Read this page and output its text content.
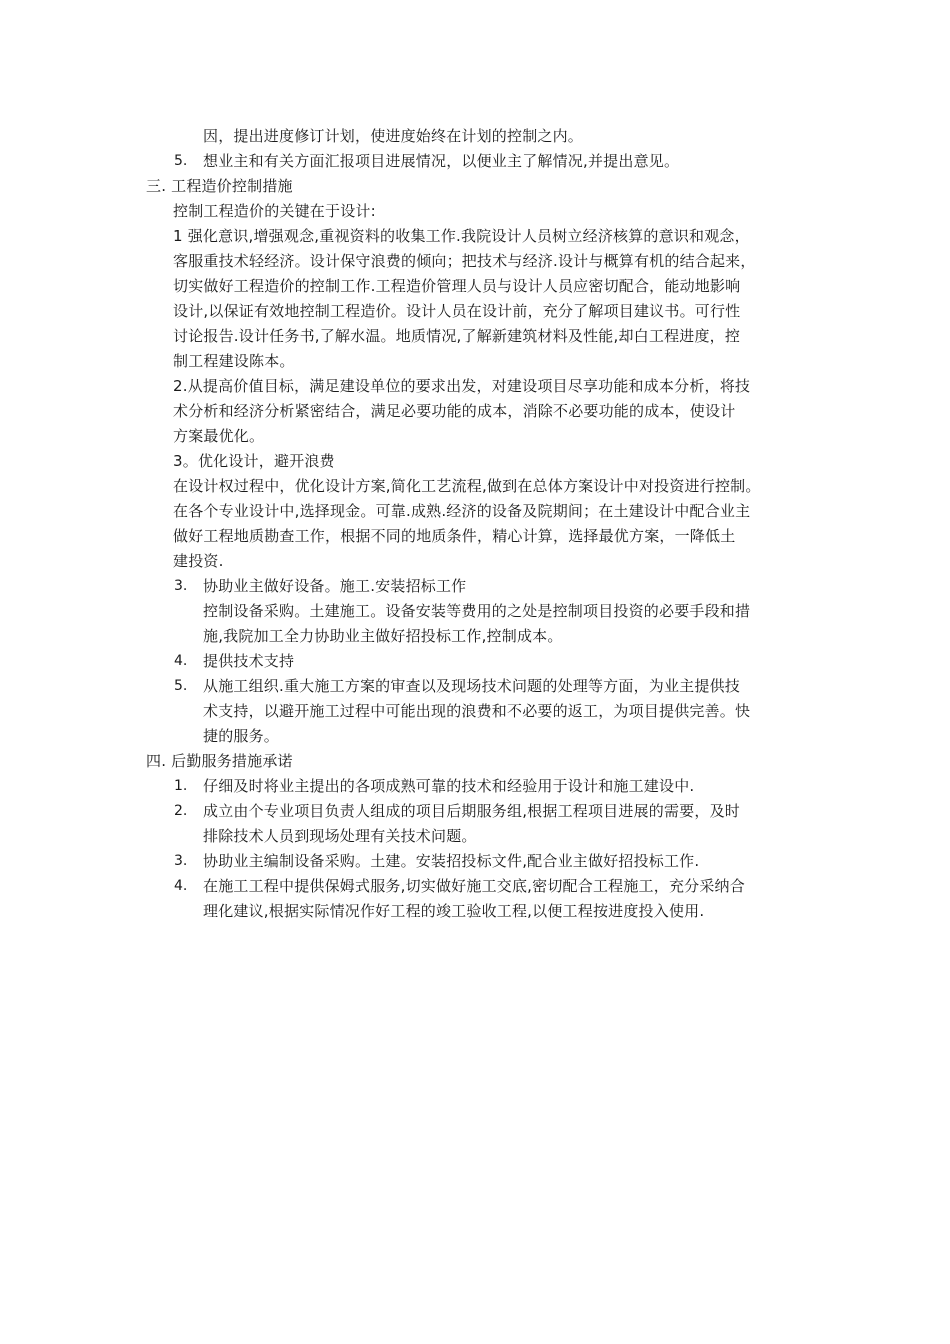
因，提出进度修订计划，使进度始终在计划的控制之内。
5. 想业主和有关方面汇报项目进展情况，以便业主了解情况,并提出意见。
三. 工程造价控制措施
控制工程造价的关键在于设计:
1 强化意识,增强观念,重视资料的收集工作.我院设计人员树立经济核算的意识和观念，
客服重技术轻经济。设计保守浪费的倾向；把技术与经济.设计与概算有机的结合起来，
切实做好工程造价的控制工作.工程造价管理人员与设计人员应密切配合，能动地影响
设计,以保证有效地控制工程造价。设计人员在设计前，充分了解项目建议书。可行性
讨论报告.设计任务书,了解水温。地质情况,了解新建筑材料及性能,却白工程进度，控
制工程建设陈本。
2.从提高价值目标，满足建设单位的要求出发，对建设项目尽享功能和成本分析，将技
术分析和经济分析紧密结合，满足必要功能的成本，消除不必要功能的成本，使设计
方案最优化。
3。优化设计，避开浪费
在设计权过程中，优化设计方案,简化工艺流程,做到在总体方案设计中对投资进行控制。
在各个专业设计中,选择现金。可靠.成熟.经济的设备及院期间；在土建设计中配合业主
做好工程地质勘查工作，根据不同的地质条件，精心计算，选择最优方案，一降低土
建投资.
3. 协助业主做好设备。施工.安装招标工作
控制设备采购。土建施工。设备安装等费用的之处是控制项目投资的必要手段和措
施,我院加工全力协助业主做好招投标工作,控制成本。
4. 提供技术支持
5. 从施工组织.重大施工方案的审查以及现场技术问题的处理等方面，为业主提供技
术支持，以避开施工过程中可能出现的浪费和不必要的返工，为项目提供完善。快
捷的服务。
四. 后勤服务措施承诺
1. 仔细及时将业主提出的各项成熟可靠的技术和经验用于设计和施工建设中.
2. 成立由个专业项目负责人组成的项目后期服务组,根据工程项目进展的需要，及时
排除技术人员到现场处理有关技术问题。
3. 协助业主编制设备采购。土建。安装招投标文件,配合业主做好招投标工作.
4. 在施工工程中提供保姆式服务,切实做好施工交底,密切配合工程施工，充分采纳合
理化建议,根据实际情况作好工程的竣工验收工程,以便工程按进度投入使用.
